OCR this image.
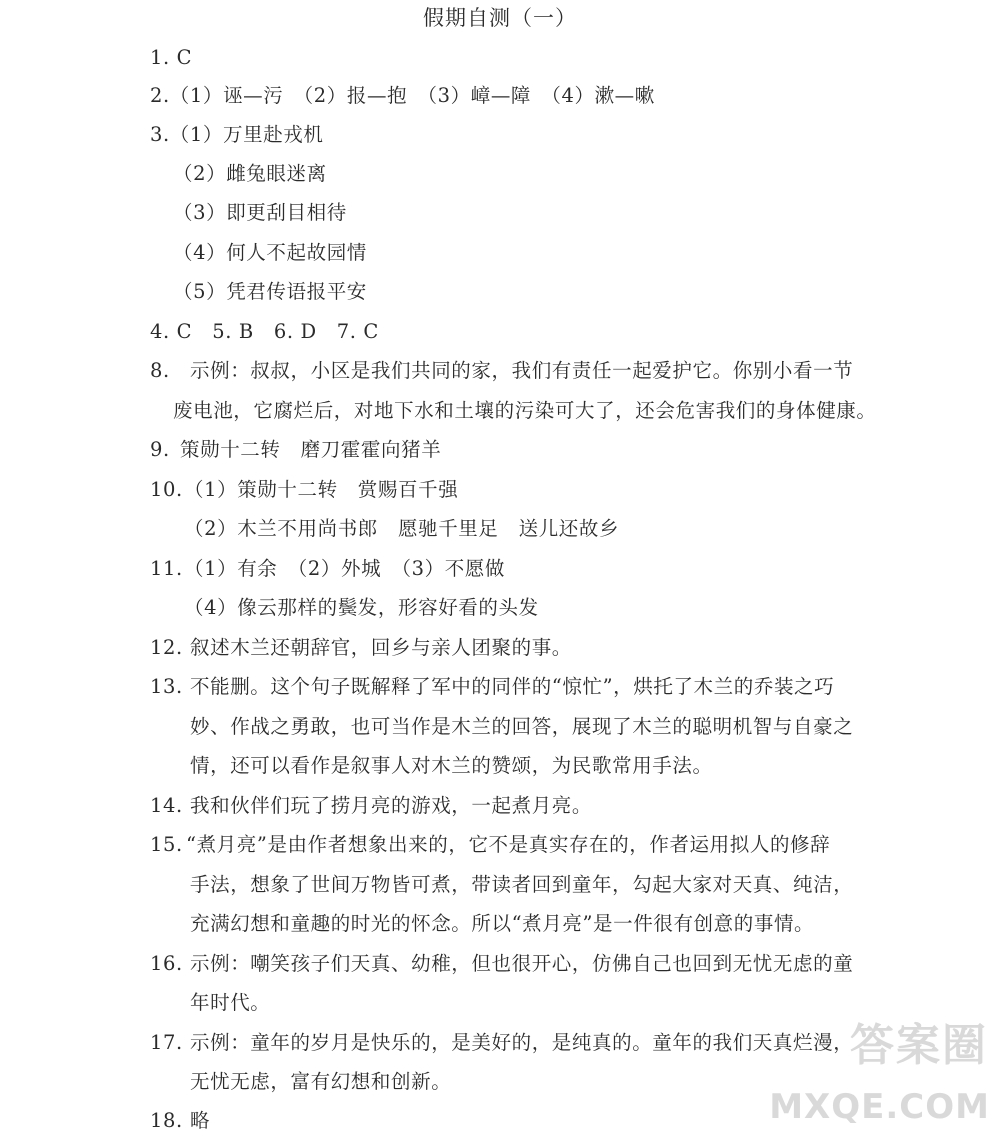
假期自测（一）
1. C
2.（1）诬—污　（2）报—抱　（3）嶂—障　（4）漱—嗽
3.（1）万里赴戎机
（2）雌兔眼迷离
（3）即更刮目相待
（4）何人不起故园情
（5）凭君传语报平安
4. C　5. B　6. D　7. C
8. 示例：叔叔，小区是我们共同的家，我们有责任一起爱护它。你别小看一节
废电池，它腐烂后，对地下水和土壤的污染可大了，还会危害我们的身体健康。
9. 策勋十二转　磨刀霍霍向猪羊
10. （1）策勋十二转　赏赐百千强
（2）木兰不用尚书郎　愿驰千里足　送儿还故乡
11. （1）有余　（2）外城　（3）不愿做
（4）像云那样的鬓发，形容好看的头发
12. 叙述木兰还朝辞官，回乡与亲人团聚的事。
13. 不能删。这个句子既解释了军中的同伴的“惊忙”，烘托了木兰的乔装之巧
妙、作战之勇敢，也可当作是木兰的回答，展现了木兰的聪明机智与自豪之
情，还可以看作是叙事人对木兰的赞颂，为民歌常用手法。
14. 我和伙伴们玩了捞月亮的游戏，一起煮月亮。
15. “煮月亮”是由作者想象出来的，它不是真实存在的，作者运用拟人的修辞
手法，想象了世间万物皆可煮，带读者回到童年，勾起大家对天真、纯洁，
充满幻想和童趣的时光的怀念。所以“煮月亮”是一件很有创意的事情。
16. 示例：嘲笑孩子们天真、幼稚，但也很开心，仿佛自己也回到无忧无虑的童
年时代。
17. 示例：童年的岁月是快乐的，是美好的，是纯真的。童年的我们天真烂漫，
无忧无虑，富有幻想和创新。
18. 略
答案圈
MXQE.COM
